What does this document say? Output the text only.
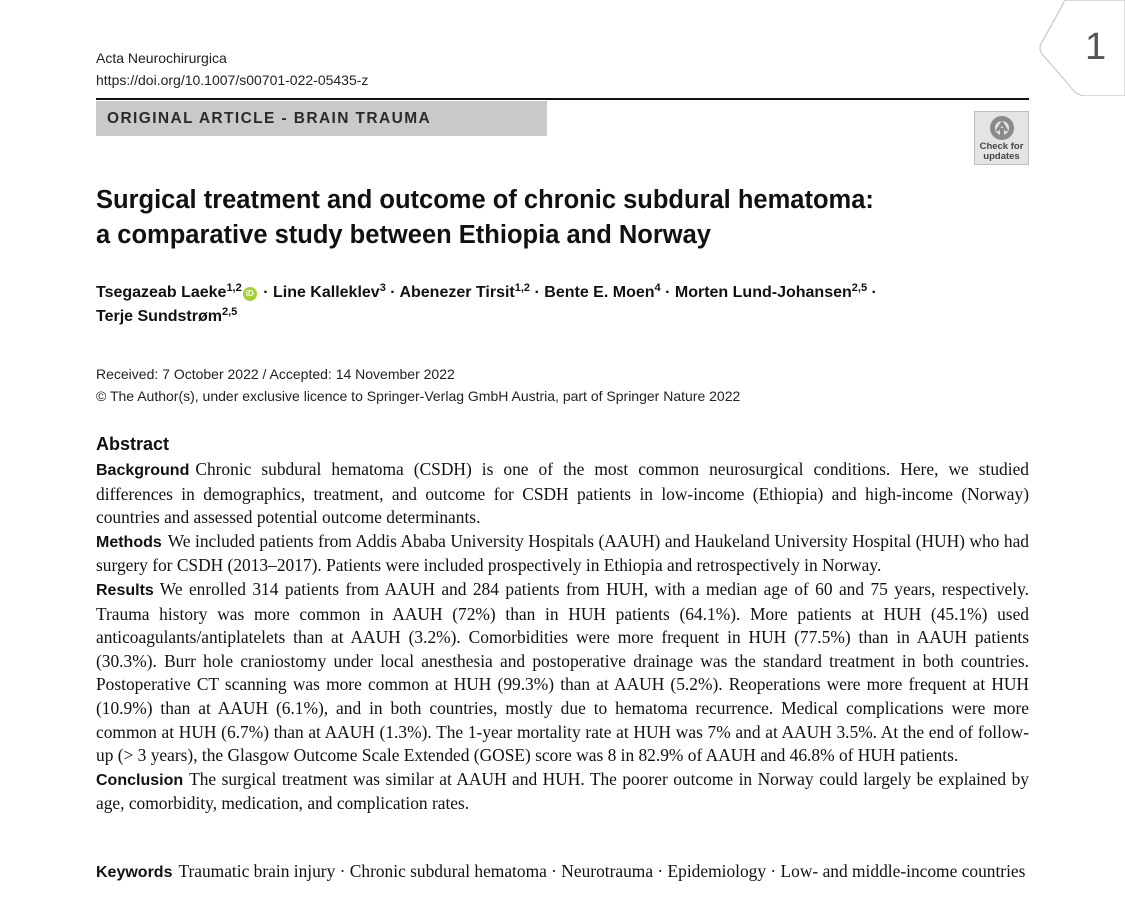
1
Acta Neurochirurgica
https://doi.org/10.1007/s00701-022-05435-z
ORIGINAL ARTICLE - BRAIN TRAUMA
Check for
updates
Surgical treatment and outcome of chronic subdural hematoma:
a comparative study between Ethiopia and Norway
Tsegazeab Laeke$^{1,2}$ iD · Line Kalleklev$^3$ · Abenezer Tirsit$^{1,2}$ · Bente E. Moen$^4$ · Morten Lund-Johansen$^{2,5}$ ·
Terje Sundstrøm$^{2,5}$
Received: 7 October 2022 / Accepted: 14 November 2022
© The Author(s), under exclusive licence to Springer-Verlag GmbH Austria, part of Springer Nature 2022
Abstract

Background Chronic subdural hematoma (CSDH) is one of the most common neurosurgical conditions. Here, we studied differences in demographics, treatment, and outcome for CSDH patients in low-income (Ethiopia) and high-income (Norway) countries and assessed potential outcome determinants.

Methods We included patients from Addis Ababa University Hospitals (AAUH) and Haukeland University Hospital (HUH) who had surgery for CSDH (2013–2017). Patients were included prospectively in Ethiopia and retrospectively in Norway.

Results We enrolled 314 patients from AAUH and 284 patients from HUH, with a median age of 60 and 75 years, respectively. Trauma history was more common in AAUH (72%) than in HUH patients (64.1%). More patients at HUH (45.1%) used anticoagulants/antiplatelets than at AAUH (3.2%). Comorbidities were more frequent in HUH (77.5%) than in AAUH patients (30.3%). Burr hole craniostomy under local anesthesia and postoperative drainage was the standard treatment in both countries. Postoperative CT scanning was more common at HUH (99.3%) than at AAUH (5.2%). Reoperations were more frequent at HUH (10.9%) than at AAUH (6.1%), and in both countries, mostly due to hematoma recurrence. Medical complications were more common at HUH (6.7%) than at AAUH (1.3%). The 1-year mortality rate at HUH was 7% and at AAUH 3.5%. At the end of follow-up (> 3 years), the Glasgow Outcome Scale Extended (GOSE) score was 8 in 82.9% of AAUH and 46.8% of HUH patients.

Conclusion The surgical treatment was similar at AAUH and HUH. The poorer outcome in Norway could largely be explained by age, comorbidity, medication, and complication rates.

Keywords Traumatic brain injury · Chronic subdural hematoma · Neurotrauma · Epidemiology · Low- and middle-income countries
